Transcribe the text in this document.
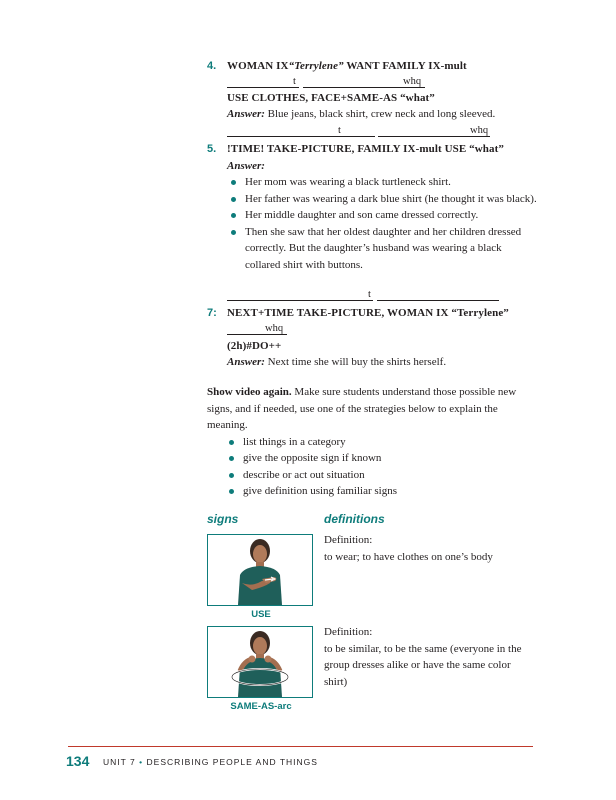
4. WOMAN IX“Terrylene” WANT FAMILY IX-mult
t	whq
USE CLOTHES, FACE+SAME-AS “what”
Answer: Blue jeans, black shirt, crew neck and long sleeved.
t	whq
5. !TIME! TAKE-PICTURE, FAMILY IX-mult USE “what”
Answer:
Her mom was wearing a black turtleneck shirt.
Her father was wearing a dark blue shirt (he thought it was black).
Her middle daughter and son came dressed correctly.
Then she saw that her oldest daughter and her children dressed correctly. But the daughter’s husband was wearing a black collared shirt with buttons.
t
7: NEXT+TIME TAKE-PICTURE, WOMAN IX “Terrylene”
whq
(2h)#DO++
Answer: Next time she will buy the shirts herself.
Show video again. Make sure students understand those possible new signs, and if needed, use one of the strategies below to explain the meaning.
list things in a category
give the opposite sign if known
describe or act out situation
give definition using familiar signs
signs	definitions
USE
Definition:
to wear; to have clothes on one’s body
SAME-AS-arc
Definition:
to be similar, to be the same (everyone in the group dresses alike or have the same color shirt)
134 UNIT 7 • DESCRIBING PEOPLE AND THINGS
